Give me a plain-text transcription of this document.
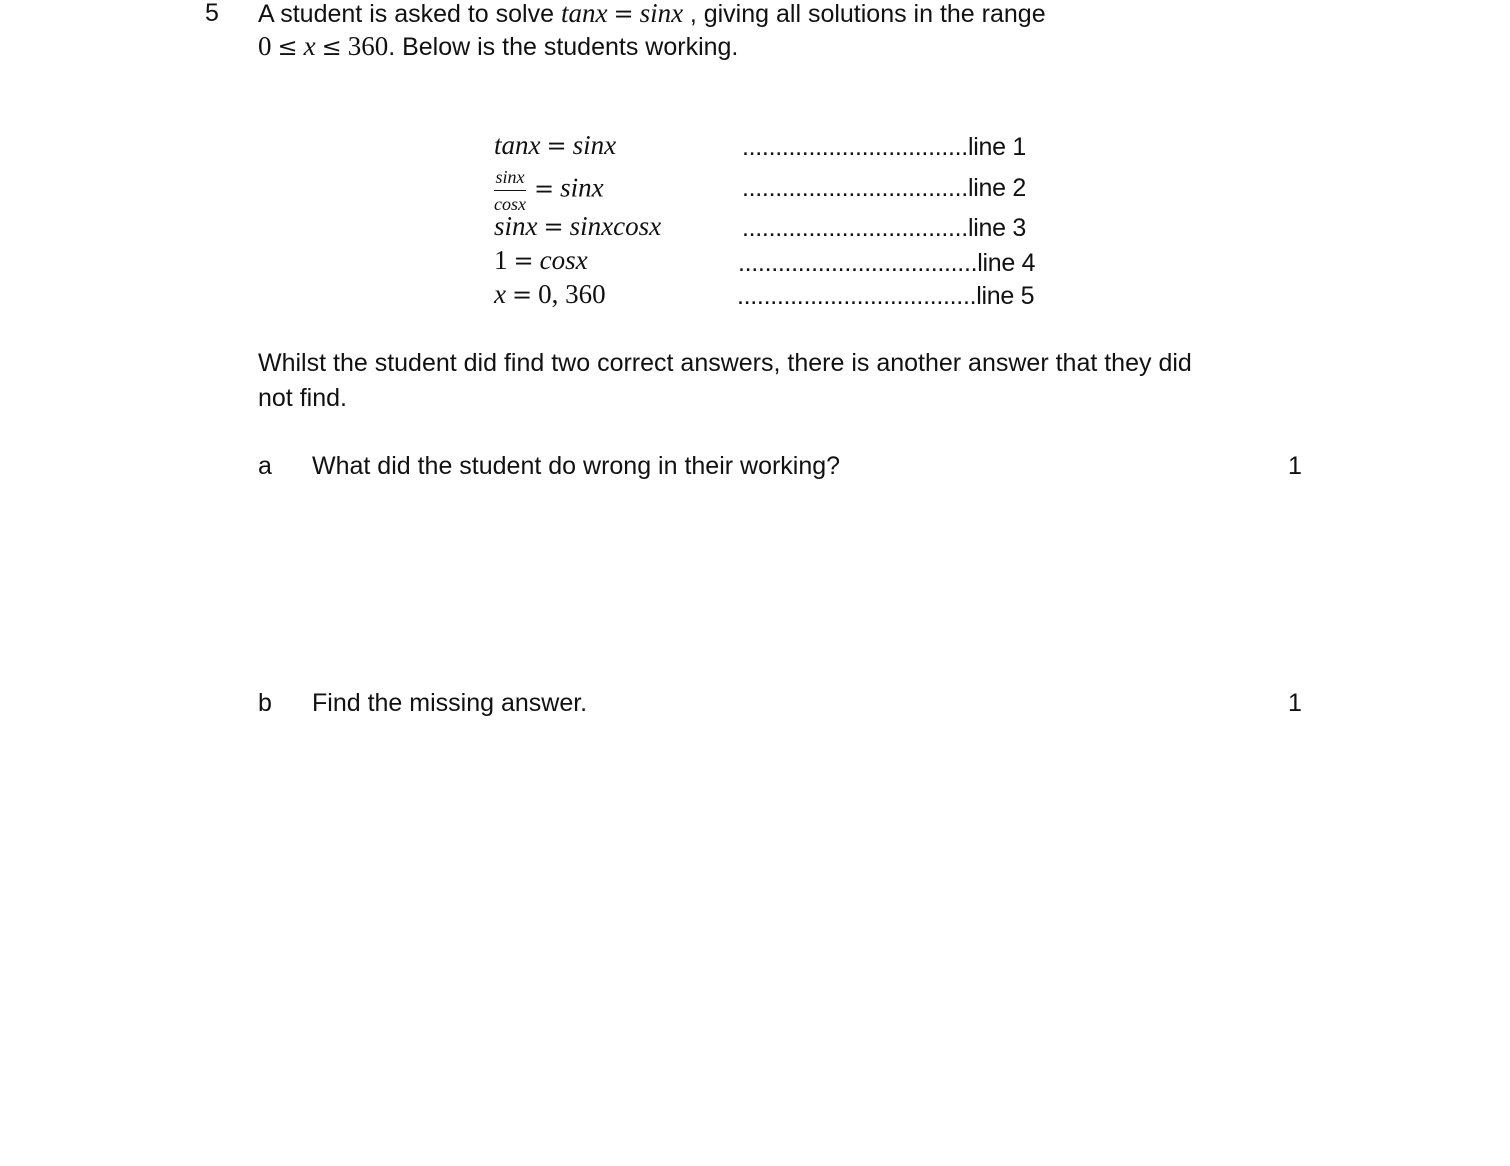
5 A student is asked to solve tanx = sinx , giving all solutions in the range
0 ≤ x ≤ 360. Below is the students working.
tanx = sinx	..................................line 1
$\frac{\sin x}{\cos x} = \sin x$	..................................line 2
sinx = sinxcosx	..................................line 3
1 = cosx	....................................line 4
x = 0, 360	....................................line 5
Whilst the student did find two correct answers, there is another answer that they did
not find.
a What did the student do wrong in their working?	1
b Find the missing answer.	1
